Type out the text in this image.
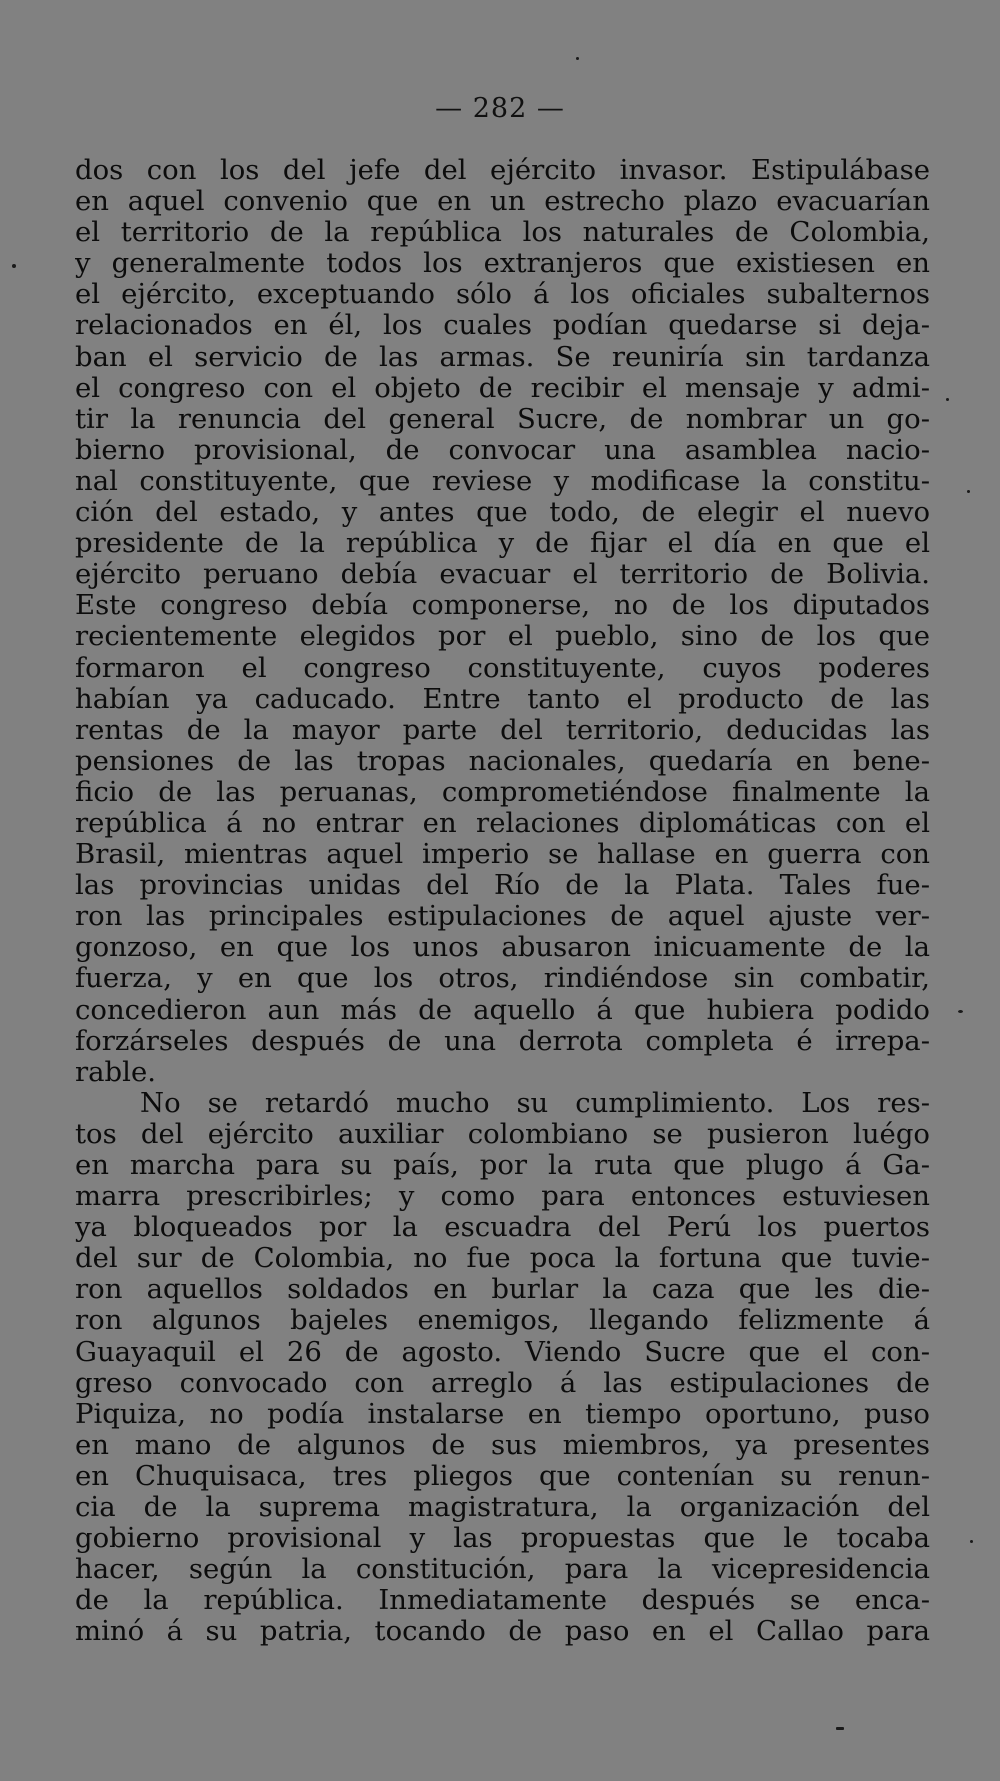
— 282 —
dos con los del jefe del ejército invasor. Estipulábase
en aquel convenio que en un estrecho plazo evacuarían
el territorio de la república los naturales de Colombia,
y generalmente todos los extranjeros que existiesen en
el ejército, exceptuando sólo á los oficiales subalternos
relacionados en él, los cuales podían quedarse si deja-
ban el servicio de las armas. Se reuniría sin tardanza
el congreso con el objeto de recibir el mensaje y admi-
tir la renuncia del general Sucre, de nombrar un go-
bierno provisional, de convocar una asamblea nacio-
nal constituyente, que reviese y modificase la constitu-
ción del estado, y antes que todo, de elegir el nuevo
presidente de la república y de fijar el día en que el
ejército peruano debía evacuar el territorio de Bolivia.
Este congreso debía componerse, no de los diputados
recientemente elegidos por el pueblo, sino de los que
formaron el congreso constituyente, cuyos poderes
habían ya caducado. Entre tanto el producto de las
rentas de la mayor parte del territorio, deducidas las
pensiones de las tropas nacionales, quedaría en bene-
ficio de las peruanas, comprometiéndose finalmente la
república á no entrar en relaciones diplomáticas con el
Brasil, mientras aquel imperio se hallase en guerra con
las provincias unidas del Río de la Plata. Tales fue-
ron las principales estipulaciones de aquel ajuste ver-
gonzoso, en que los unos abusaron inicuamente de la
fuerza, y en que los otros, rindiéndose sin combatir,
concedieron aun más de aquello á que hubiera podido
forzárseles después de una derrota completa é irrepa-
rable.
No se retardó mucho su cumplimiento. Los res-
tos del ejército auxiliar colombiano se pusieron luégo
en marcha para su país, por la ruta que plugo á Ga-
marra prescribirles; y como para entonces estuviesen
ya bloqueados por la escuadra del Perú los puertos
del sur de Colombia, no fue poca la fortuna que tuvie-
ron aquellos soldados en burlar la caza que les die-
ron algunos bajeles enemigos, llegando felizmente á
Guayaquil el 26 de agosto. Viendo Sucre que el con-
greso convocado con arreglo á las estipulaciones de
Piquiza, no podía instalarse en tiempo oportuno, puso
en mano de algunos de sus miembros, ya presentes
en Chuquisaca, tres pliegos que contenían su renun-
cia de la suprema magistratura, la organización del
gobierno provisional y las propuestas que le tocaba
hacer, según la constitución, para la vicepresidencia
de la república. Inmediatamente después se enca-
minó á su patria, tocando de paso en el Callao para
